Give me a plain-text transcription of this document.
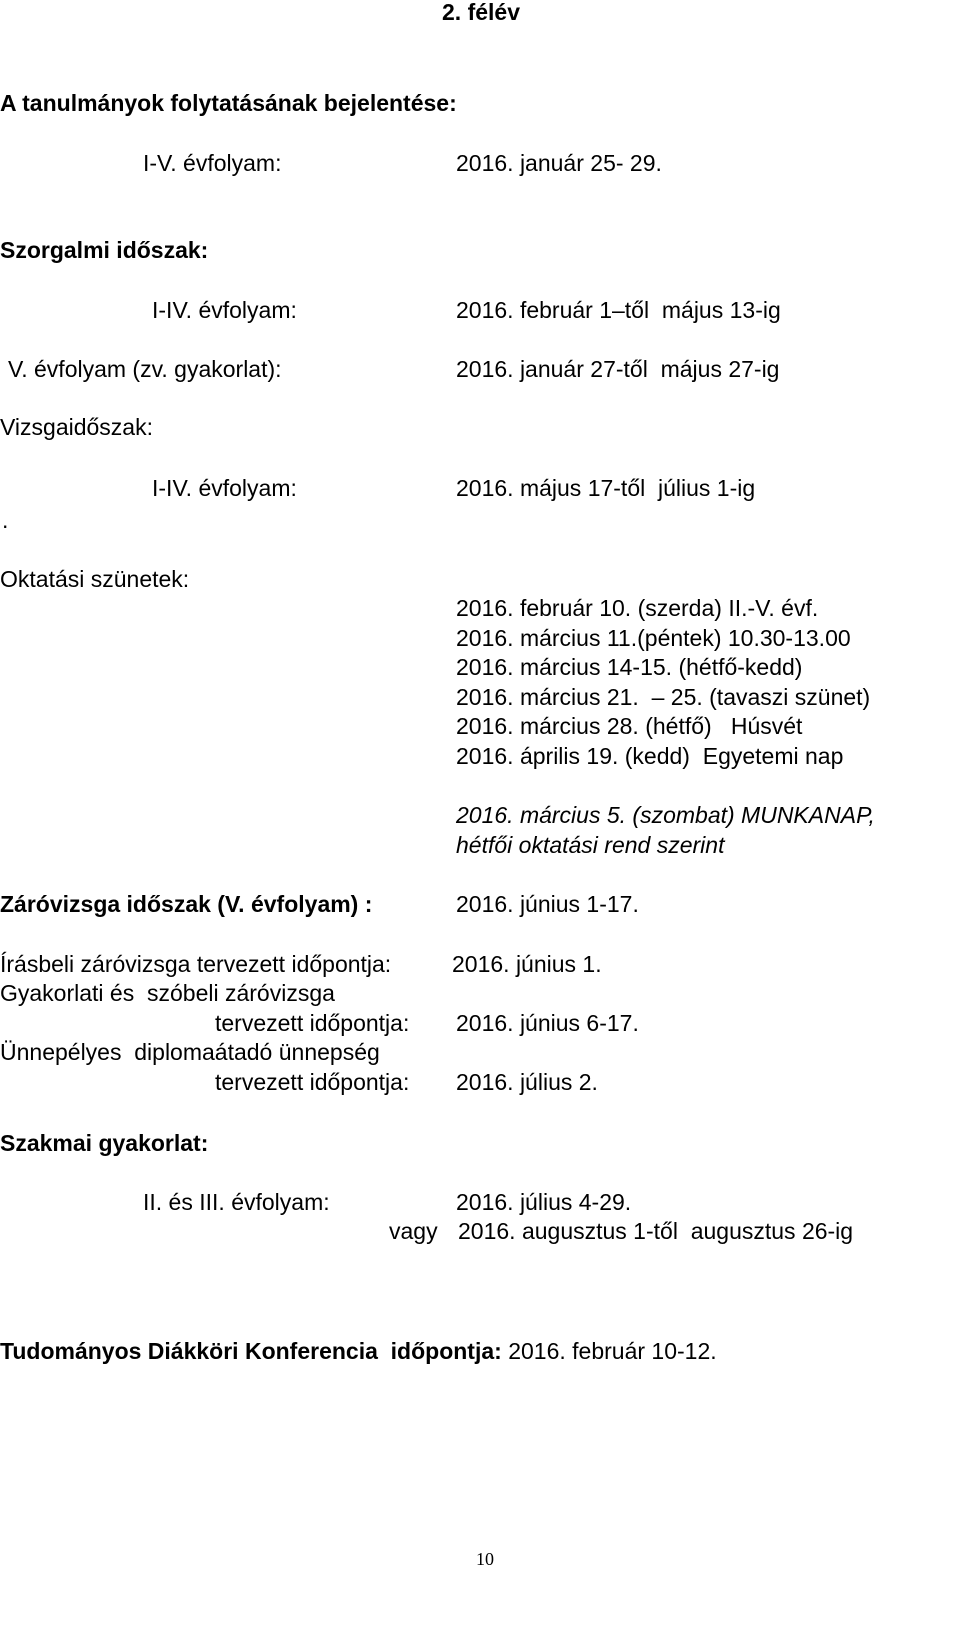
2. félév
A tanulmányok folytatásának bejelentése:
I-V. évfolyam:	2016. január 25- 29.
Szorgalmi időszak:
I-IV. évfolyam:	2016. február 1–től  május 13-ig
V. évfolyam (zv. gyakorlat):	2016. január 27-től  május 27-ig
Vizsgaidőszak:
I-IV. évfolyam:	2016. május 17-től  július 1-ig
.
Oktatási szünetek:
2016. február 10. (szerda) II.-V. évf.
2016. március 11.(péntek) 10.30-13.00
2016. március 14-15. (hétfő-kedd)
2016. március 21.  – 25. (tavaszi szünet)
2016. március 28. (hétfő)   Húsvét
2016. április 19. (kedd)  Egyetemi nap
2016. március 5. (szombat) MUNKANAP,
hétfői oktatási rend szerint
Záróvizsga időszak (V. évfolyam) :	2016. június 1-17.
Írásbeli záróvizsga tervezett időpontja:	2016. június 1.
Gyakorlati és  szóbeli záróvizsga
tervezett időpontja: 2016. június 6-17.
Ünnepélyes  diplomaátadó ünnepség
tervezett időpontja: 2016. július 2.
Szakmai gyakorlat:
II. és III. évfolyam:	2016. július 4-29.
vagy 2016. augusztus 1-től  augusztus 26-ig
Tudományos Diákköri Konferencia  időpontja: 2016. február 10-12.
10
